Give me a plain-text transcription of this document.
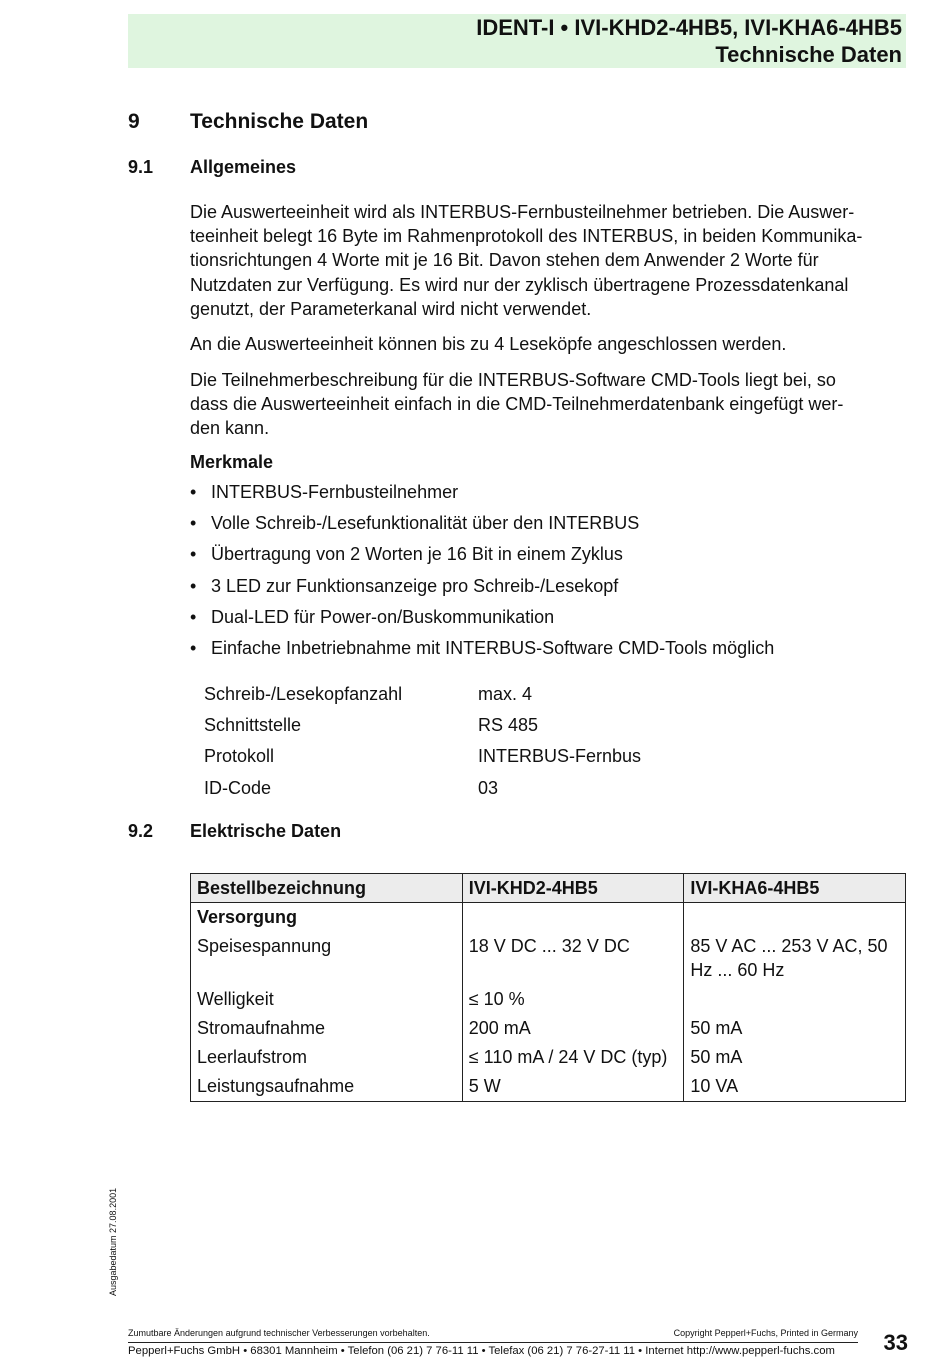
IDENT-I • IVI-KHD2-4HB5, IVI-KHA6-4HB5
Technische Daten
9 Technische Daten
9.1 Allgemeines
Die Auswerteeinheit wird als INTERBUS-Fernbusteilnehmer betrieben. Die Auswer-
teeinheit belegt 16 Byte im Rahmenprotokoll des INTERBUS, in beiden Kommunika-
tionsrichtungen 4 Worte mit je 16 Bit. Davon stehen dem Anwender 2 Worte für
Nutzdaten zur Verfügung. Es wird nur der zyklisch übertragene Prozessdatenkanal
genutzt, der Parameterkanal wird nicht verwendet.
An die Auswerteeinheit können bis zu 4 Leseköpfe angeschlossen werden.
Die Teilnehmerbeschreibung für die INTERBUS-Software CMD-Tools liegt bei, so
dass die Auswerteeinheit einfach in die CMD-Teilnehmerdatenbank eingefügt wer-
den kann.
Merkmale
• INTERBUS-Fernbusteilnehmer
• Volle Schreib-/Lesefunktionalität über den INTERBUS
• Übertragung von 2 Worten je 16 Bit in einem Zyklus
• 3 LED zur Funktionsanzeige pro Schreib-/Lesekopf
• Dual-LED für Power-on/Buskommunikation
• Einfache Inbetriebnahme mit INTERBUS-Software CMD-Tools möglich
Schreib-/Lesekopfanzahl	max. 4
Schnittstelle	RS 485
Protokoll	INTERBUS-Fernbus
ID-Code	03
9.2 Elektrische Daten
Bestellbezeichnung	IVI-KHD2-4HB5	IVI-KHA6-4HB5
Versorgung		
Speisespannung	18 V DC ... 32 V DC	85 V AC ... 253 V AC, 50 Hz ... 60 Hz
Welligkeit	≤ 10 %	
Stromaufnahme	200 mA	50 mA
Leerlaufstrom	≤ 110 mA / 24 V DC (typ)	50 mA
Leistungsaufnahme	5 W	10 VA
Ausgabedatum 27.08.2001
Zumutbare Änderungen aufgrund technischer Verbesserungen vorbehalten.	Copyright Pepperl+Fuchs, Printed in Germany
Pepperl+Fuchs GmbH • 68301 Mannheim • Telefon (06 21) 7 76-11 11 • Telefax (06 21) 7 76-27-11 11 • Internet http://www.pepperl-fuchs.com 33
